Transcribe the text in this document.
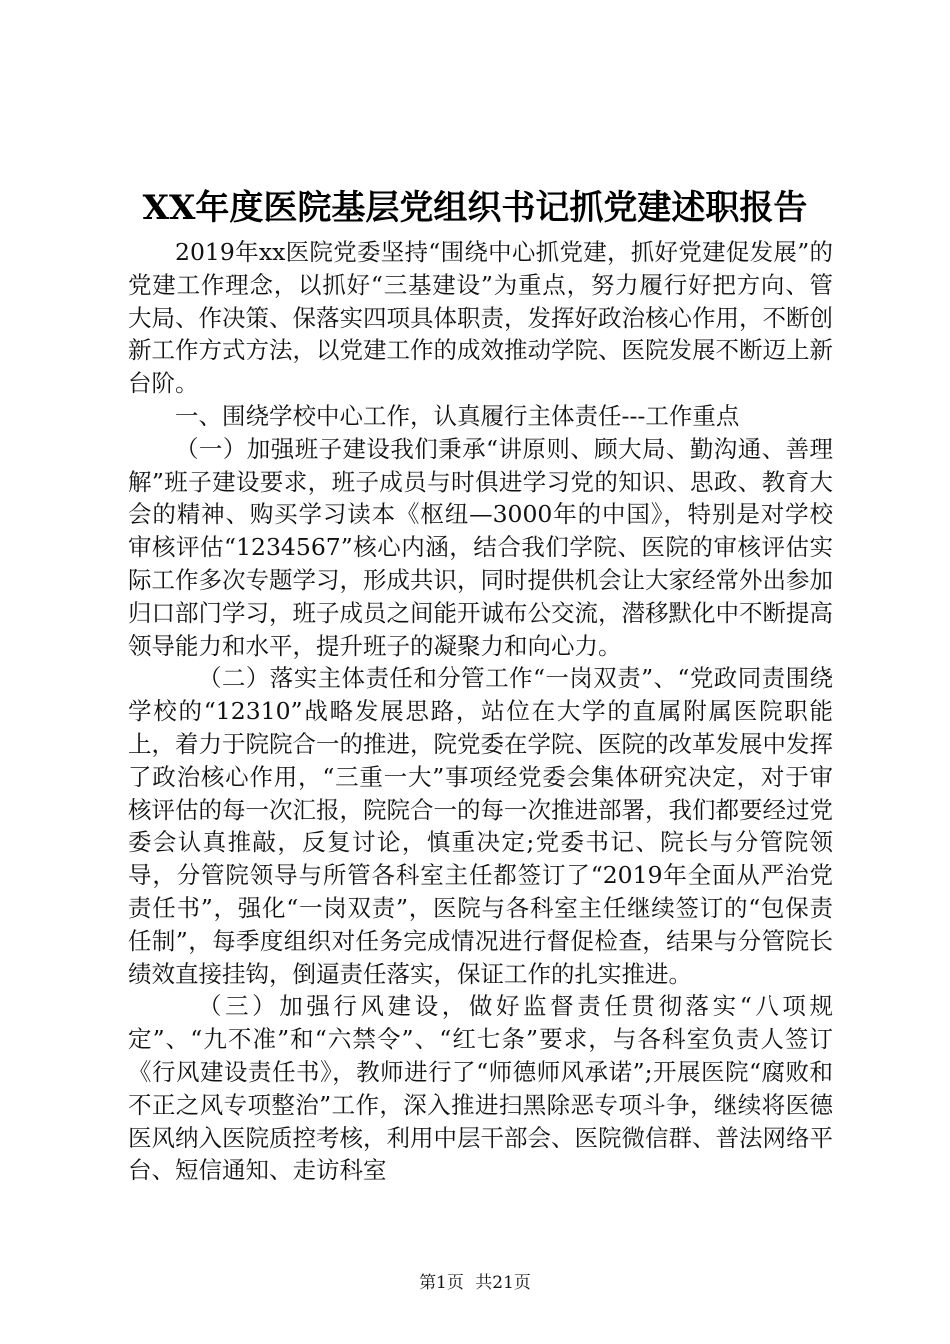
XX年度医院基层党组织书记抓党建述职报告

2019年xx医院党委坚持“围绕中心抓党建，抓好党建促发展”的党建工作理念，以抓好“三基建设”为重点，努力履行好把方向、管大局、作决策、保落实四项具体职责，发挥好政治核心作用，不断创新工作方式方法，以党建工作的成效推动学院、医院发展不断迈上新台阶。

一、围绕学校中心工作，认真履行主体责任---工作重点

（一）加强班子建设我们秉承“讲原则、顾大局、勤沟通、善理解”班子建设要求，班子成员与时俱进学习党的知识、思政、教育大会的精神、购买学习读本《枢纽—3000年的中国》，特别是对学校审核评估“1234567”核心内涵，结合我们学院、医院的审核评估实际工作多次专题学习，形成共识，同时提供机会让大家经常外出参加归口部门学习，班子成员之间能开诚布公交流，潜移默化中不断提高领导能力和水平，提升班子的凝聚力和向心力。

（二）落实主体责任和分管工作“一岗双责”、“党政同责围绕学校的“12310”战略发展思路，站位在大学的直属附属医院职能上，着力于院院合一的推进，院党委在学院、医院的改革发展中发挥了政治核心作用，“三重一大”事项经党委会集体研究决定，对于审核评估的每一次汇报，院院合一的每一次推进部署，我们都要经过党委会认真推敲，反复讨论，慎重决定;党委书记、院长与分管院领导，分管院领导与所管各科室主任都签订了“2019年全面从严治党责任书”，强化“一岗双责”，医院与各科室主任继续签订的“包保责任制”，每季度组织对任务完成情况进行督促检查，结果与分管院长绩效直接挂钩，倒逼责任落实，保证工作的扎实推进。

（三）加强行风建设，做好监督责任贯彻落实“八项规定”、“九不准”和“六禁令”、“红七条”要求，与各科室负责人签订《行风建设责任书》，教师进行了“师德师风承诺”;开展医院“腐败和不正之风专项整治”工作，深入推进扫黑除恶专项斗争，继续将医德医风纳入医院质控考核，利用中层干部会、医院微信群、普法网络平台、短信通知、走访科室

第1页 共21页
